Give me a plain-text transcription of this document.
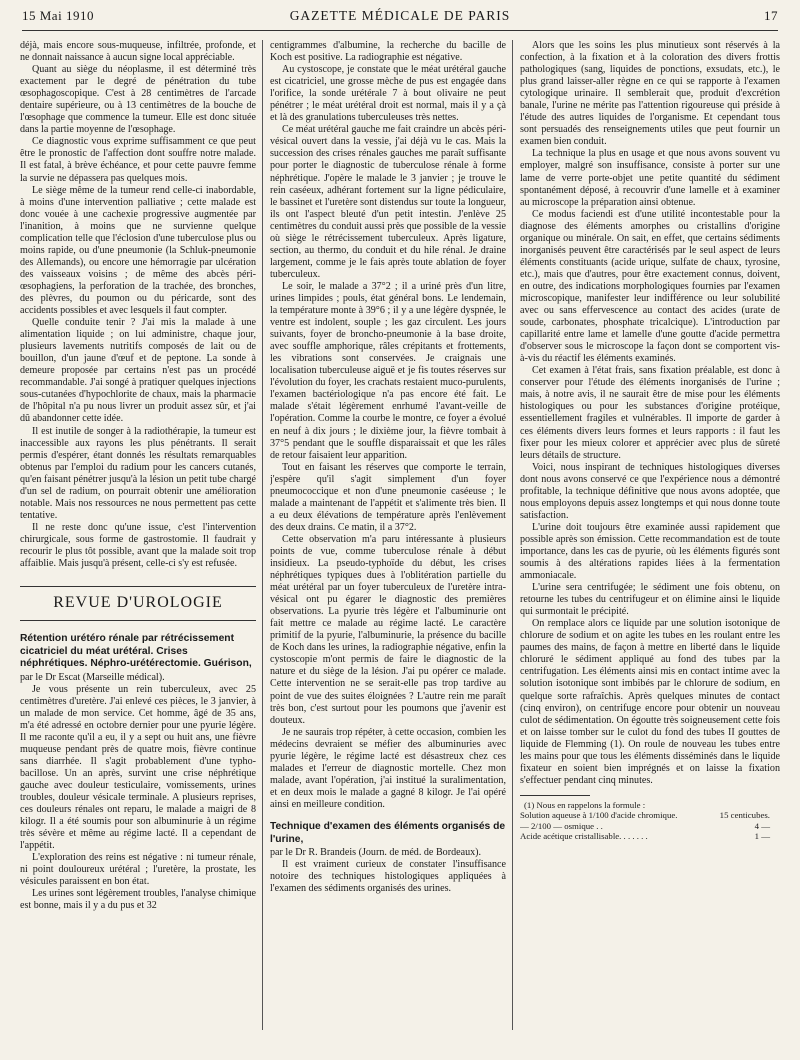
15 Mai 1910	GAZETTE MÉDICALE DE PARIS	17

déjà, mais encore sous-muqueuse, infiltrée, profonde, et ne donnait naissance à aucun signe local appréciable.

Quant au siège du néoplasme, il est déterminé très exactement par le degré de pénétration du tube œsophagoscopique. C'est à 28 centimètres de l'arcade dentaire supérieure, ou à 13 centimètres de la bouche de l'œsophage que commence la tumeur. Elle est donc située dans la partie moyenne de l'œsophage.

Ce diagnostic vous exprime suffisamment ce que peut être le pronostic de l'affection dont souffre notre malade. Il est fatal, à brève échéance, et pour cette pauvre femme la survie ne dépassera pas quelques mois.

Le siège même de la tumeur rend celle-ci inabordable, à moins d'une intervention palliative ; cette malade est donc vouée à une cachexie progressive augmentée par l'inanition, à moins que ne survienne quelque complication telle que l'éclosion d'une tuberculose plus ou moins rapide, ou d'une pneumonie (la Schluk-pneumonie des Allemands), ou encore une hémorragie par ulcération des vaisseaux voisins ; de même des abcès péri-œsophagiens, la perforation de la trachée, des bronches, des plèvres, du poumon ou du péricarde, sont des accidents possibles et avec lesquels il faut compter.

Quelle conduite tenir ? J'ai mis la malade à une alimentation liquide ; on lui administre, chaque jour, plusieurs lavements nutritifs composés de lait ou de bouillon, d'un jaune d'œuf et de peptone. La sonde à demeure proposée par certains n'est pas un procédé recommandable. J'ai songé à pratiquer quelques injections sous-cutanées d'hypochlorite de chaux, mais la pharmacie de l'hôpital n'a pu nous livrer un produit assez sûr, et j'ai dû abandonner cette idée.

Il est inutile de songer à la radiothérapie, la tumeur est inaccessible aux rayons les plus pénétrants. Il serait permis d'espérer, étant donnés les résultats remarquables obtenus par l'emploi du radium pour les cancers cutanés, qu'en faisant pénétrer jusqu'à la lésion un petit tube chargé d'un sel de radium, on pourrait obtenir une amélioration notable. Mais nos ressources ne nous permettent pas cette tentative.

Il ne reste donc qu'une issue, c'est l'intervention chirurgicale, sous forme de gastrostomie. Il faudrait y recourir le plus tôt possible, avant que la malade soit trop affaiblie. Mais jusqu'à présent, celle-ci s'y est refusée.

REVUE D'UROLOGIE
Rétention urétéro rénale par rétrécissement cicatriciel du méat urétéral. Crises néphrétiques. Néphro-urétérectomie. Guérison,

par le Dr Escat (Marseille médical).

Je vous présente un rein tuberculeux, avec 25 centimètres d'uretère. J'ai enlevé ces pièces, le 3 janvier, à un malade de mon service. Cet homme, âgé de 35 ans, m'a été adressé en octobre dernier pour une pyurie légère. Il me raconte qu'il a eu, il y a sept ou huit ans, une fièvre muqueuse pendant près de quatre mois, fièvre continue sans diarrhée. Il s'agit probablement d'une typho-bacillose. Un an après, survint une crise néphrétique gauche avec douleur testiculaire, vomissements, urines troubles, douleur vésicale terminale. A plusieurs reprises, ces douleurs rénales ont reparu, le malade a maigri de 8 kilogr. Il a été soumis pour son albuminurie à un régime très sévère et même au régime lacté. Il a cependant de l'appétit.

L'exploration des reins est négative : ni tumeur rénale, ni point douloureux urétéral ; l'uretère, la prostate, les vésicules paraissent en bon état.

Les urines sont légèrement troubles, l'analyse chimique est bonne, mais il y a du pus et 32

centigrammes d'albumine, la recherche du bacille de Koch est positive. La radiographie est négative.

Au cystoscope, je constate que le méat urétéral gauche est cicatriciel, une grosse mèche de pus est engagée dans l'orifice, la sonde urétérale 7 à bout olivaire ne peut pénétrer ; le méat urétéral droit est normal, mais il y a çà et là des granulations tuberculeuses très nettes.

Ce méat urétéral gauche me fait craindre un abcès péri-vésical ouvert dans la vessie, j'ai déjà vu le cas. Mais la succession des crises rénales gauches me paraît suffisante pour porter le diagnostic de tuberculose rénale à forme néphrétique. J'opère le malade le 3 janvier ; je trouve le rein caséeux, adhérant fortement sur la ligne pédiculaire, le bassinet et l'uretère sont distendus sur toute la longueur, ils ont l'aspect bleuté d'un petit intestin. J'enlève 25 centimètres du conduit aussi près que possible de la vessie où siège le rétrécissement tuberculeux. Après ligature, section, au thermo, du conduit et du hile rénal. Je draine largement, comme je le fais après toute ablation de foyer tuberculeux.

Le soir, le malade a 37°2 ; il a uriné près d'un litre, urines limpides ; pouls, état général bons. Le lendemain, la température monte à 39°6 ; il y a une légère dyspnée, le ventre est indolent, souple ; les gaz circulent. Les jours suivants, foyer de broncho-pneumonie à la base droite, avec souffle amphorique, râles crépitants et frottements, les vibrations sont conservées. Je craignais une localisation tuberculeuse aiguë et je fis toutes réserves sur l'évolution du foyer, les crachats restaient muco-purulents, l'examen bactériologique n'a pas encore été fait. Le malade s'était légèrement enrhumé l'avant-veille de l'opération. Comme la courbe le montre, ce foyer a évolué en neuf à dix jours ; le dixième jour, la fièvre tombait à 37°5 pendant que le souffle disparaissait et que les râles de retour faisaient leur apparition.

Tout en faisant les réserves que comporte le terrain, j'espère qu'il s'agit simplement d'un foyer pneumococcique et non d'une pneumonie caséeuse ; le malade a maintenant de l'appétit et s'alimente très bien. Il a eu deux élévations de température après l'enlèvement des deux drains. Ce matin, il a 37°2.

Cette observation m'a paru intéressante à plusieurs points de vue, comme tuberculose rénale à début insidieux. La pseudo-typhoïde du début, les crises néphrétiques typiques dues à l'oblitération partielle du méat urétéral par un foyer tuberculeux de l'uretère intra-vésical ont pu égarer le diagnostic des premières observations. La pyurie très légère et l'albuminurie ont fait mettre ce malade au régime lacté. Le caractère primitif de la pyurie, l'albuminurie, la présence du bacille de Koch dans les urines, la radiographie négative, enfin la cystoscopie m'ont permis de faire le diagnostic de la nature et du siège de la lésion. J'ai pu opérer ce malade. Cette intervention ne se serait-elle pas trop tardive au point de vue des suites éloignées ? L'autre rein me paraît très bon, c'est surtout pour les poumons que j'avenir est douteux.

Je ne saurais trop répéter, à cette occasion, combien les médecins devraient se méfier des albuminuries avec pyurie légère, le régime lacté est désastreux chez ces malades et l'erreur de diagnostic mortelle. Chez mon malade, avant l'opération, j'ai institué la suralimentation, et en deux mois le malade a gagné 8 kilogr. Je l'ai opéré ainsi en meilleure condition.

Technique d'examen des éléments organisés de l'urine,

par le Dr R. Brandeis (Journ. de méd. de Bordeaux).

Il est vraiment curieux de constater l'insuffisance notoire des techniques histologiques appliquées à l'examen des sédiments organisés des urines.

Alors que les soins les plus minutieux sont réservés à la confection, à la fixation et à la coloration des divers frottis pathologiques (sang, liquides de ponctions, exsudats, etc.), le plus grand laisser-aller règne en ce qui se rapporte à l'examen cytologique urinaire. Il semblerait que, produit d'excrétion banale, l'urine ne mérite pas l'attention rigoureuse qui préside à l'étude des autres liquides de l'organisme. Et cependant tous sont persuadés des renseignements utiles que peut fournir un examen bien conduit.

La technique la plus en usage et que nous avons souvent vu employer, malgré son insuffisance, consiste à porter sur une lame de verre porte-objet une petite quantité du sédiment spontanément déposé, à recouvrir d'une lamelle et à examiner au microscope la préparation ainsi obtenue.

Ce modus faciendi est d'une utilité incontestable pour la diagnose des éléments amorphes ou cristallins d'origine organique ou minérale. On sait, en effet, que certains sédiments inorganisés peuvent être caractérisés par le seul aspect de leurs éléments constituants (acide urique, sulfate de chaux, tyrosine, etc.), mais que d'autres, pour être exactement connus, doivent, en outre, des indications morphologiques fournies par l'examen microscopique, manifester leur indifférence ou leur solubilité avec ou sans effervescence au contact des acides (urate de soude, carbonates, phosphate tricalcique). L'introduction par capillarité entre lame et lamelle d'une goutte d'acide permettra d'observer sous le microscope la façon dont se comportent vis-à-vis du réactif les éléments examinés.

Cet examen à l'état frais, sans fixation préalable, est donc à conserver pour l'étude des éléments inorganisés de l'urine ; mais, à notre avis, il ne saurait être de mise pour les éléments histologiques ou pour les substances d'origine protéique, essentiellement fragiles et vulnérables. Il importe de garder à ces éléments divers leurs formes et leurs rapports : il faut les fixer pour les mieux colorer et apprécier avec plus de sûreté leurs détails de structure.

Voici, nous inspirant de techniques histologiques diverses dont nous avons conservé ce que l'expérience nous a démontré profitable, la technique définitive que nous avons adoptée, que nous employons depuis assez longtemps et qui nous donne toute satisfaction.

L'urine doit toujours être examinée aussi rapidement que possible après son émission. Cette recommandation est de toute importance, dans les cas de pyurie, où les éléments figurés sont soumis à des altérations rapides liées à la fermentation ammoniacale.

L'urine sera centrifugée; le sédiment une fois obtenu, on retourne les tubes du centrifugeur et on élimine ainsi le liquide qui surmontait le précipité.

On remplace alors ce liquide par une solution isotonique de chlorure de sodium et on agite les tubes en les roulant entre les paumes des mains, de façon à mettre en liberté dans le liquide chloruré le sédiment appliqué au fond des tubes par la centrifugation. Les éléments ainsi mis en contact intime avec la solution isotonique sont imbibés par le chlorure de sodium, en quelque sorte rafraîchis. Après quelques minutes de contact (cinq environ), on centrifuge encore pour obtenir un nouveau culot de sédimentation. On égoutte très soigneusement cette fois et on laisse tomber sur le culot du fond des tubes II gouttes de liquide de Flemming (1). On roule de nouveau les tubes entre les mains pour que tous les éléments disséminés dans le liquide fixateur en soient bien imprégnés et on laisse la fixation s'effectuer pendant cinq minutes.

(1) Nous en rappelons la formule :
Solution aqueuse à 1/100 d'acide chromique.	15 centicubes.
— 2/100 — osmique . .	4 —
Acide acétique cristallisable. . . . . . .	1 —
